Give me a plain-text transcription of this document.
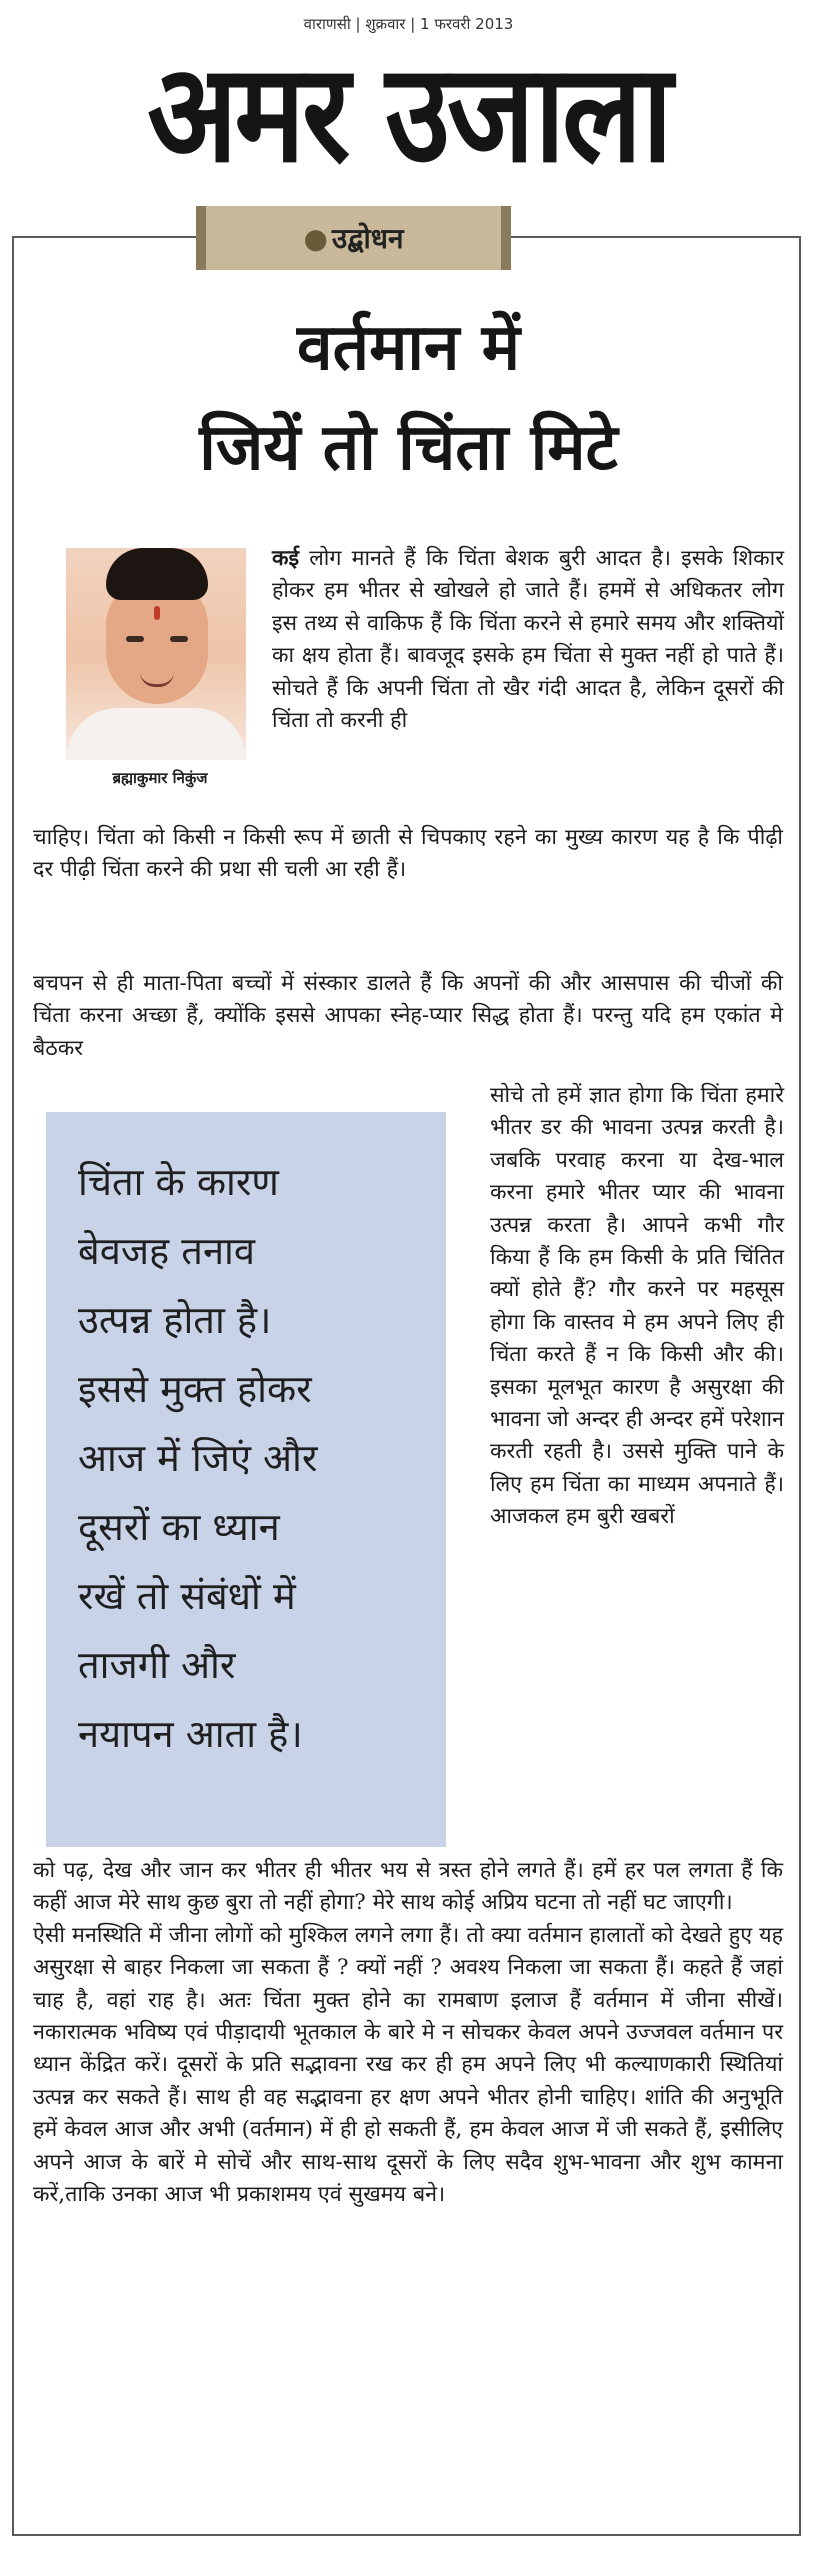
वाराणसी | शुक्रवार | 1 फरवरी 2013
अमर उजाला
● उद्बोधन
वर्तमान में
जियें तो चिंता मिटे
ब्रह्माकुमार निकुंज

कई लोग मानते हैं कि चिंता बेशक बुरी आदत है। इसके शिकार होकर हम भीतर से खोखले हो जाते हैं। हममें से अधिकतर लोग इस तथ्य से वाकिफ हैं कि चिंता करने से हमारे समय और शक्तियों का क्षय होता हैं। बावजूद इसके हम चिंता से मुक्त नहीं हो पाते हैं। सोचते हैं कि अपनी चिंता तो खैर गंदी आदत है, लेकिन दूसरों की चिंता तो करनी ही

चाहिए। चिंता को किसी न किसी रूप में छाती से चिपकाए रहने का मुख्य कारण यह है कि पीढ़ी दर पीढ़ी चिंता करने की प्रथा सी चली आ रही हैं।

बचपन से ही माता-पिता बच्चों में संस्कार डालते हैं कि अपनों की और आसपास की चीजों की चिंता करना अच्छा हैं, क्योंकि इससे आपका स्नेह-प्यार सिद्ध होता हैं। परन्तु यदि हम एकांत मे बैठकर

चिंता के कारण
बेवजह तनाव
उत्पन्न होता है।
इससे मुक्त होकर
आज में जिएं और
दूसरों का ध्यान
रखें तो संबंधों में
ताजगी और
नयापन आता है।

सोचे तो हमें ज्ञात होगा कि चिंता हमारे भीतर डर की भावना उत्पन्न करती है। जबकि परवाह करना या देख-भाल करना हमारे भीतर प्यार की भावना उत्पन्न करता है। आपने कभी गौर किया हैं कि हम किसी के प्रति चिंतित क्यों होते हैं? गौर करने पर महसूस होगा कि वास्तव मे हम अपने लिए ही चिंता करते हैं न कि किसी और की। इसका मूलभूत कारण है असुरक्षा की भावना जो अन्दर ही अन्दर हमें परेशान करती रहती है। उससे मुक्ति पाने के लिए हम चिंता का माध्यम अपनाते हैं। आजकल हम बुरी खबरों

को पढ़, देख और जान कर भीतर ही भीतर भय से त्रस्त होने लगते हैं। हमें हर पल लगता हैं कि कहीं आज मेरे साथ कुछ बुरा तो नहीं होगा? मेरे साथ कोई अप्रिय घटना तो नहीं घट जाएगी।
ऐसी मनस्थिति में जीना लोगों को मुश्किल लगने लगा हैं। तो क्या वर्तमान हालातों को देखते हुए यह असुरक्षा से बाहर निकला जा सकता हैं ? क्यों नहीं ? अवश्य निकला जा सकता हैं। कहते हैं जहां चाह है, वहां राह है। अतः चिंता मुक्त होने का रामबाण इलाज हैं वर्तमान में जीना सीखें। नकारात्मक भविष्य एवं पीड़ादायी भूतकाल के बारे मे न सोचकर केवल अपने उज्जवल वर्तमान पर ध्यान केंद्रित करें। दूसरों के प्रति सद्भावना रख कर ही हम अपने लिए भी कल्याणकारी स्थितियां उत्पन्न कर सकते हैं। साथ ही वह सद्भावना हर क्षण अपने भीतर होनी चाहिए। शांति की अनुभूति हमें केवल आज और अभी (वर्तमान) में ही हो सकती हैं, हम केवल आज में जी सकते हैं, इसीलिए अपने आज के बारें मे सोचें और साथ-साथ दूसरों के लिए सदैव शुभ-भावना और शुभ कामना करें,ताकि उनका आज भी प्रकाशमय एवं सुखमय बने।
